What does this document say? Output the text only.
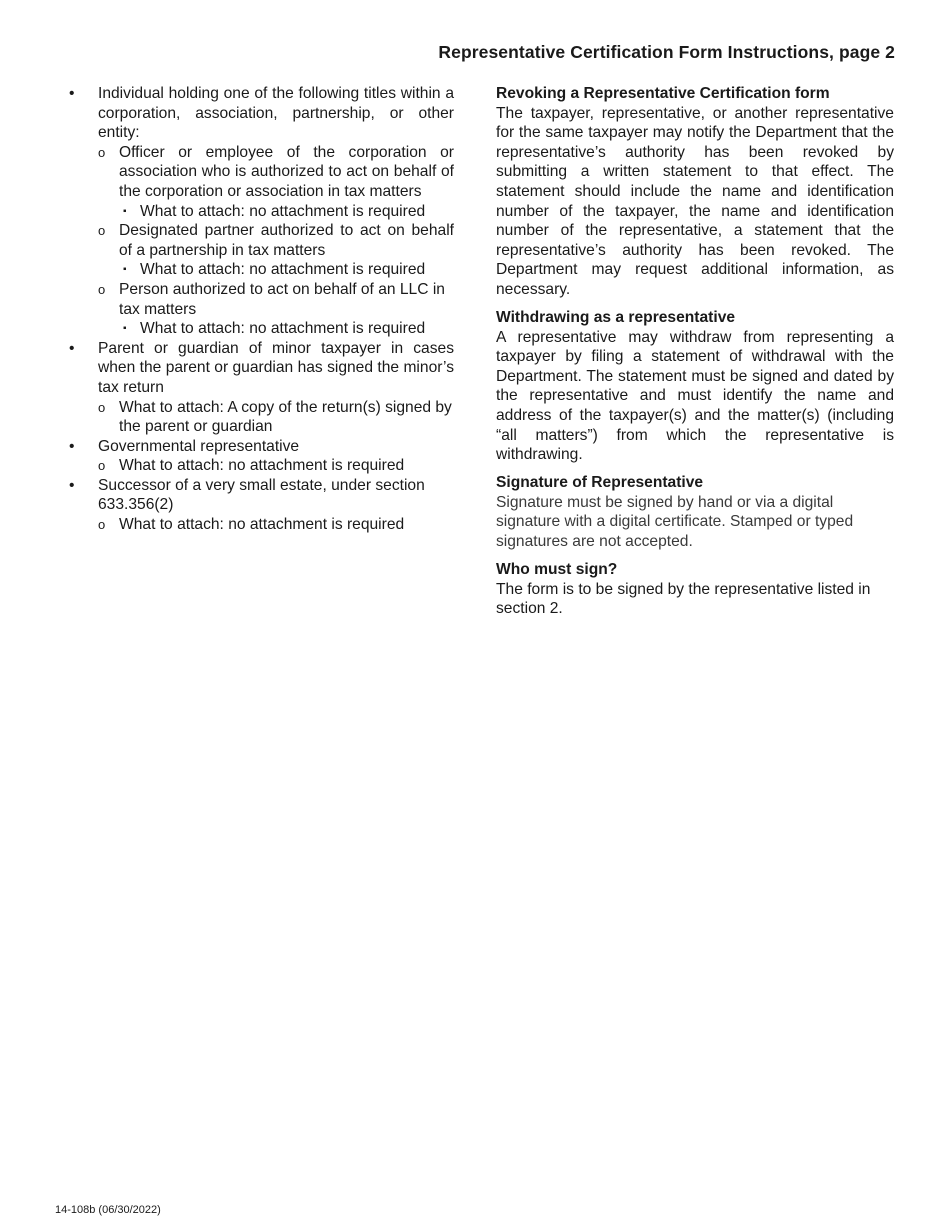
Representative Certification Form Instructions, page 2
• Individual holding one of the following titles within a corporation, association, partnership, or other entity:
o Officer or employee of the corporation or association who is authorized to act on behalf of the corporation or association in tax matters
▪ What to attach: no attachment is required
o Designated partner authorized to act on behalf of a partnership in tax matters
▪ What to attach: no attachment is required
o Person authorized to act on behalf of an LLC in tax matters
▪ What to attach: no attachment is required
• Parent or guardian of minor taxpayer in cases when the parent or guardian has signed the minor’s tax return
o What to attach: A copy of the return(s) signed by the parent or guardian
• Governmental representative
o What to attach: no attachment is required
• Successor of a very small estate, under section 633.356(2)
o What to attach: no attachment is required
Revoking a Representative Certification form

The taxpayer, representative, or another representative for the same taxpayer may notify the Department that the representative’s authority has been revoked by submitting a written statement to that effect. The statement should include the name and identification number of the taxpayer, the name and identification number of the representative, a statement that the representative’s authority has been revoked. The Department may request additional information, as necessary.

Withdrawing as a representative

A representative may withdraw from representing a taxpayer by filing a statement of withdrawal with the Department. The statement must be signed and dated by the representative and must identify the name and address of the taxpayer(s) and the matter(s) (including “all matters”) from which the representative is withdrawing.

Signature of Representative

Signature must be signed by hand or via a digital signature with a digital certificate. Stamped or typed signatures are not accepted.

Who must sign?

The form is to be signed by the representative listed in section 2.

14-108b (06/30/2022)
